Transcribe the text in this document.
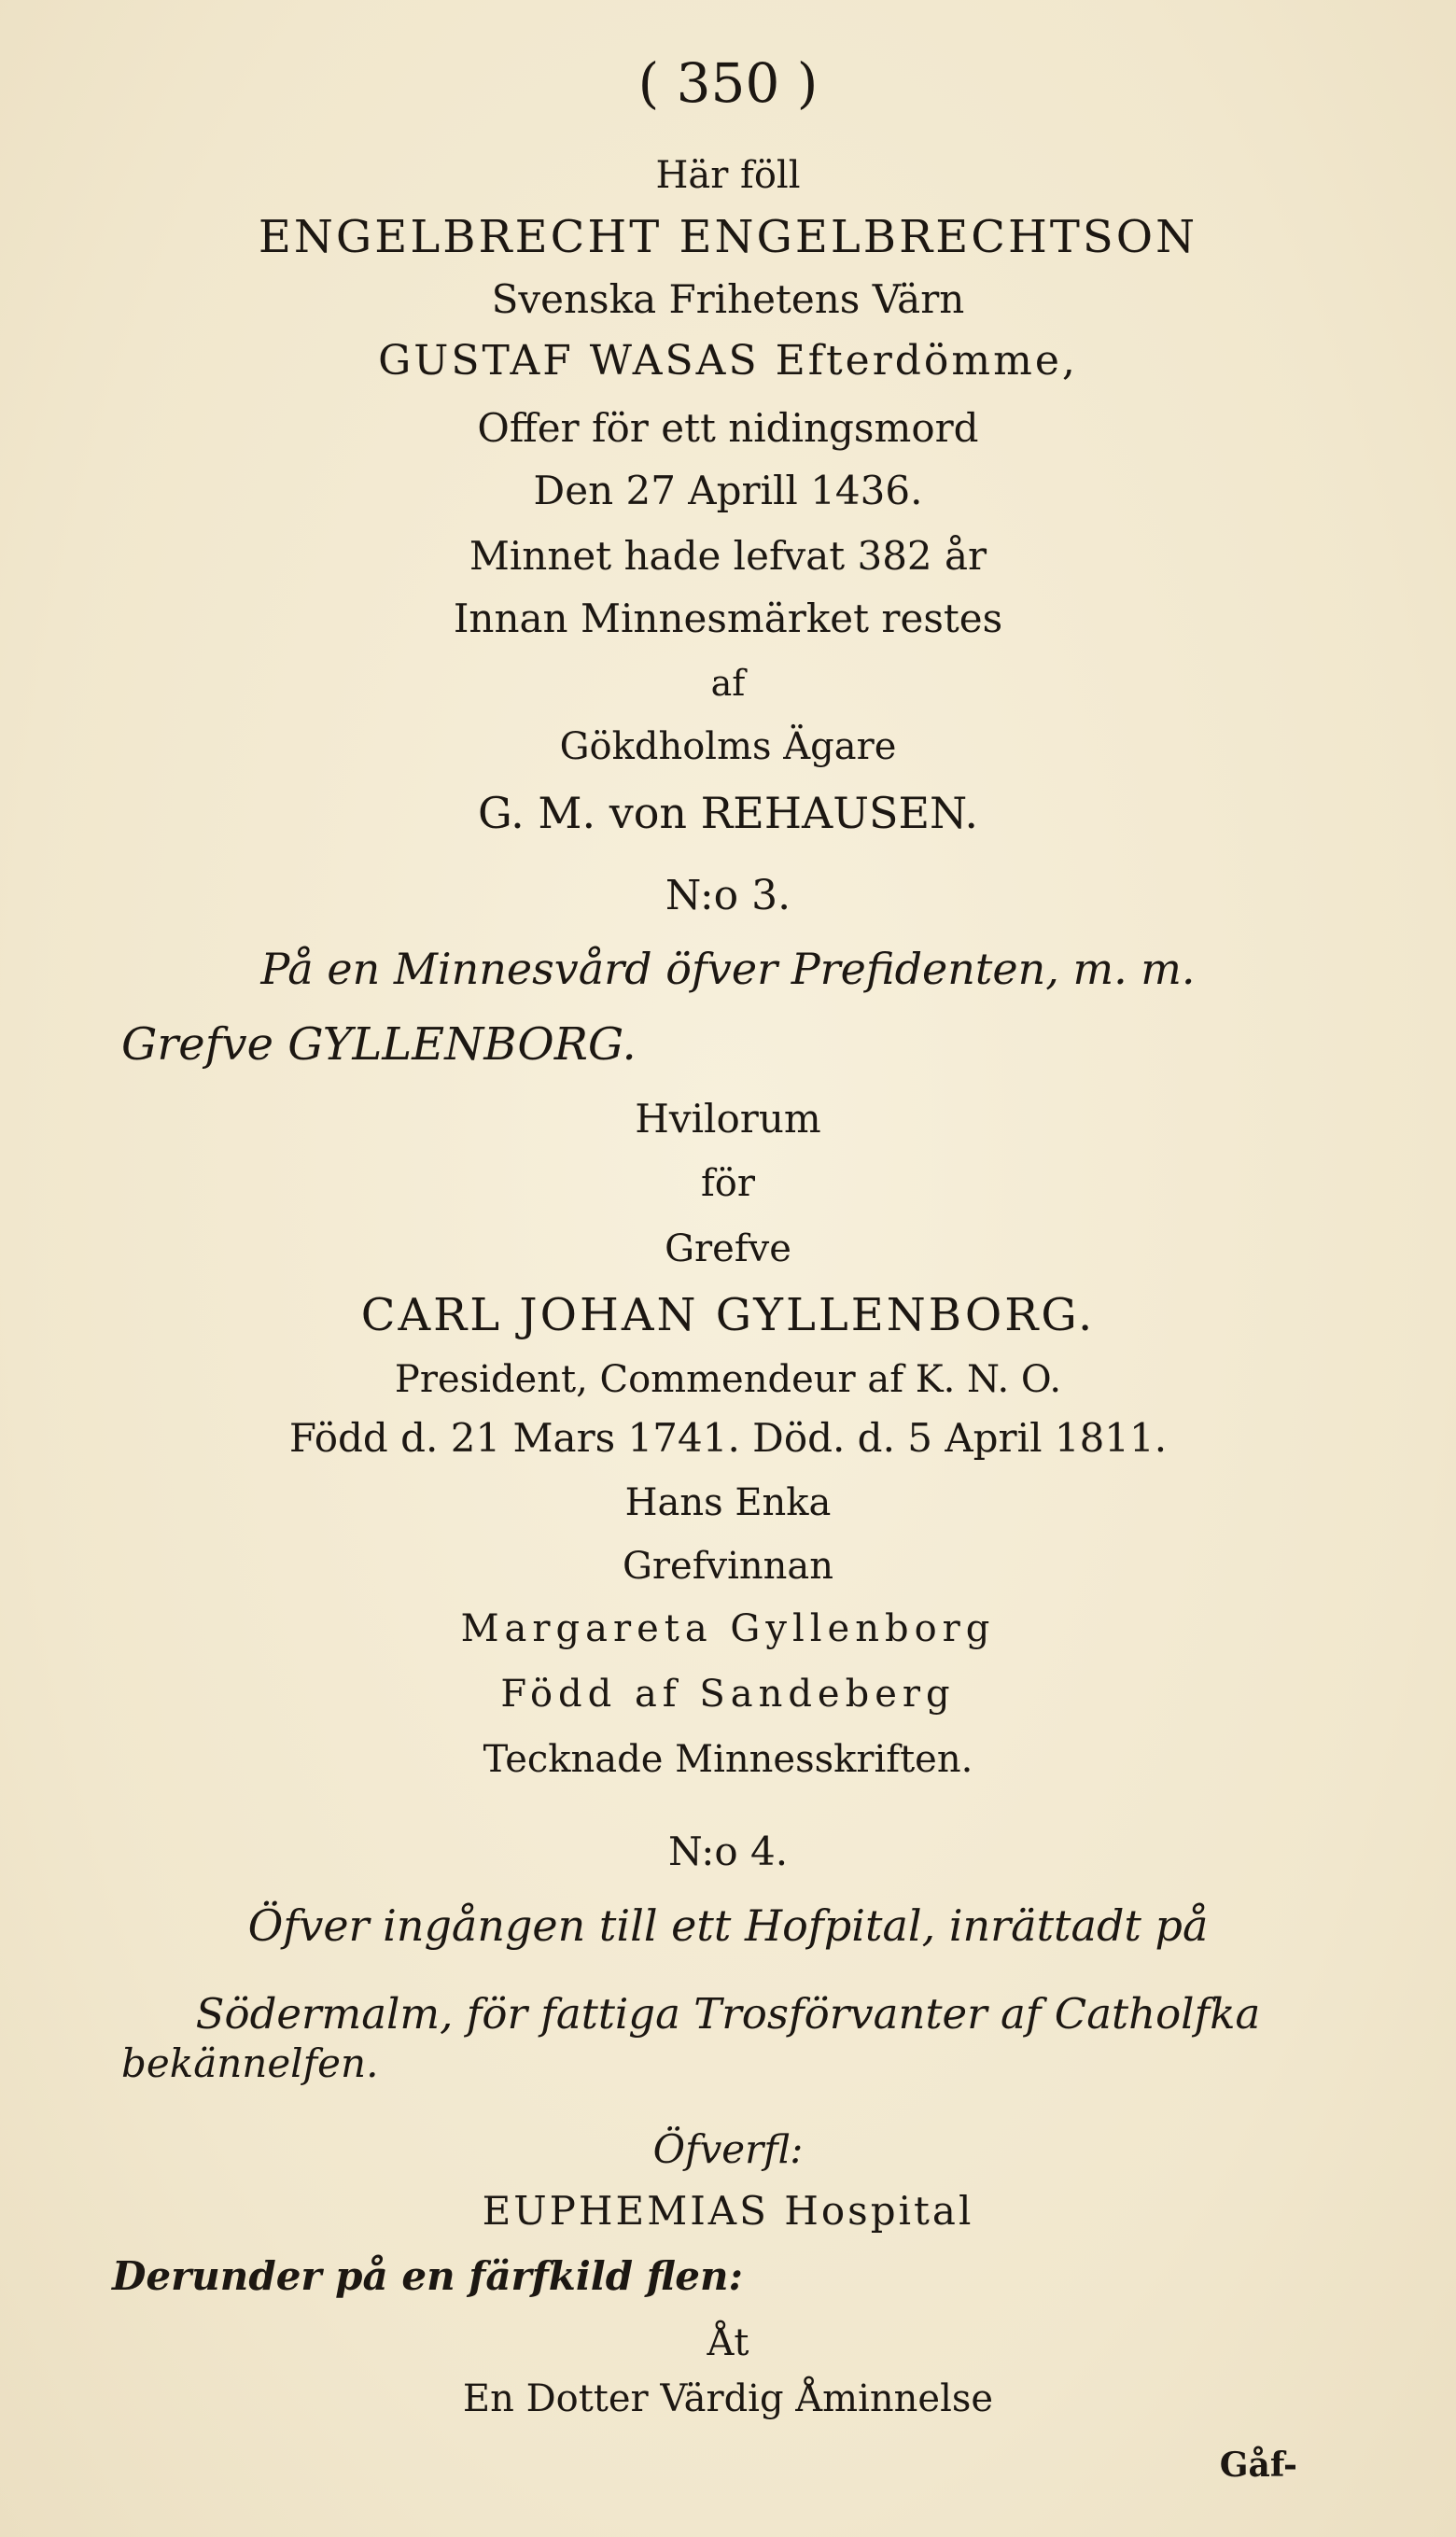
( 350 )
Här föll
ENGELBRECHT ENGELBRECHTSON
Svenska Frihetens Värn
GUSTAF WASAS Efterdömme,
Offer för ett nidingsmord
Den 27 Aprill 1436.
Minnet hade lefvat 382 år
Innan Minnesmärket restes
af
Gökdholms Ägare
G. M. von REHAUSEN.
N:o 3.
På en Minnesvård öfver Prefidenten, m. m.
Grefve GYLLENBORG.
Hvilorum
för
Grefve
CARL JOHAN GYLLENBORG.
President, Commendeur af K. N. O.
Född d. 21 Mars 1741. Död. d. 5 April 1811.
Hans Enka
Grefvinnan
Margareta Gyllenborg
Född af Sandeberg
Tecknade Minnesskriften.
N:o 4.
Öfver ingången till ett Hofpital, inrättadt på
Södermalm, för fattiga Trosförvanter af Catholfka
bekännelfen.
Öfverfl:
EUPHEMIAS Hospital
Derunder på en färfkild flen:
Åt
En Dotter Värdig Åminnelse
Gåf-
